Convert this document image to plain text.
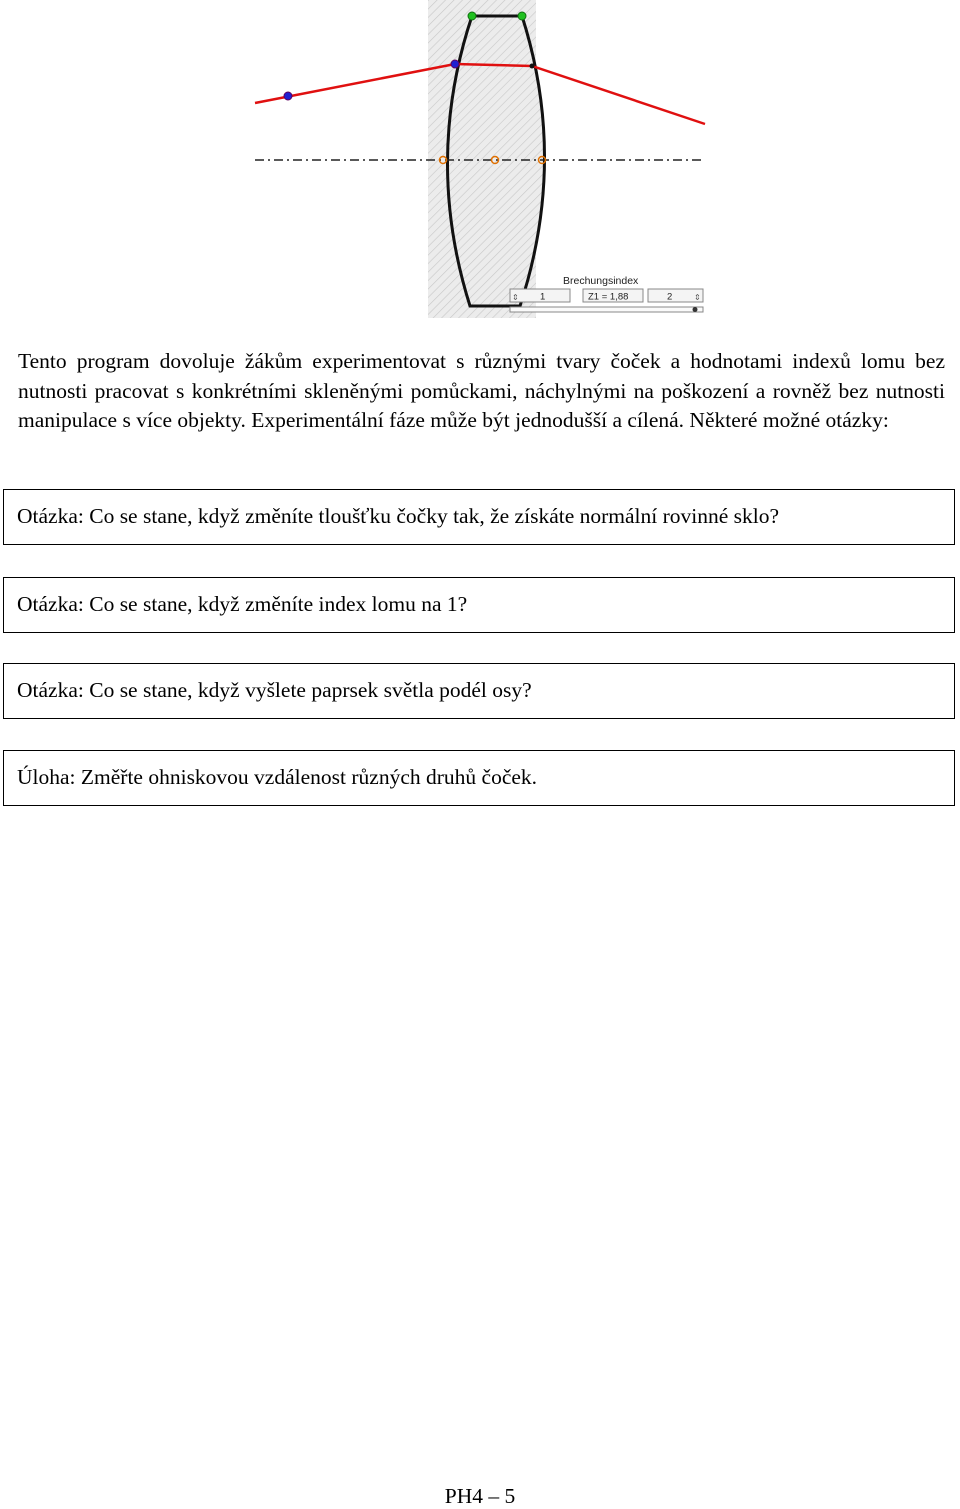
Brechungsindex
⇕ 1	Z1 = 1,88	2	⇕
Tento program dovoluje žákům experimentovat s různými tvary čoček a hodnotami indexů lomu bez nutnosti pracovat s konkrétními skleněnými pomůckami, náchylnými na poškození a rovněž bez nutnosti manipulace s více objekty. Experimentální fáze může být jednodušší a cílená. Některé možné otázky:
Otázka: Co se stane, když změníte tloušťku čočky tak, že získáte normální rovinné sklo?
Otázka: Co se stane, když změníte index lomu na 1?
Otázka: Co se stane, když vyšlete paprsek světla podél osy?
Úloha: Změřte ohniskovou vzdálenost různých druhů čoček.
PH4 – 5
